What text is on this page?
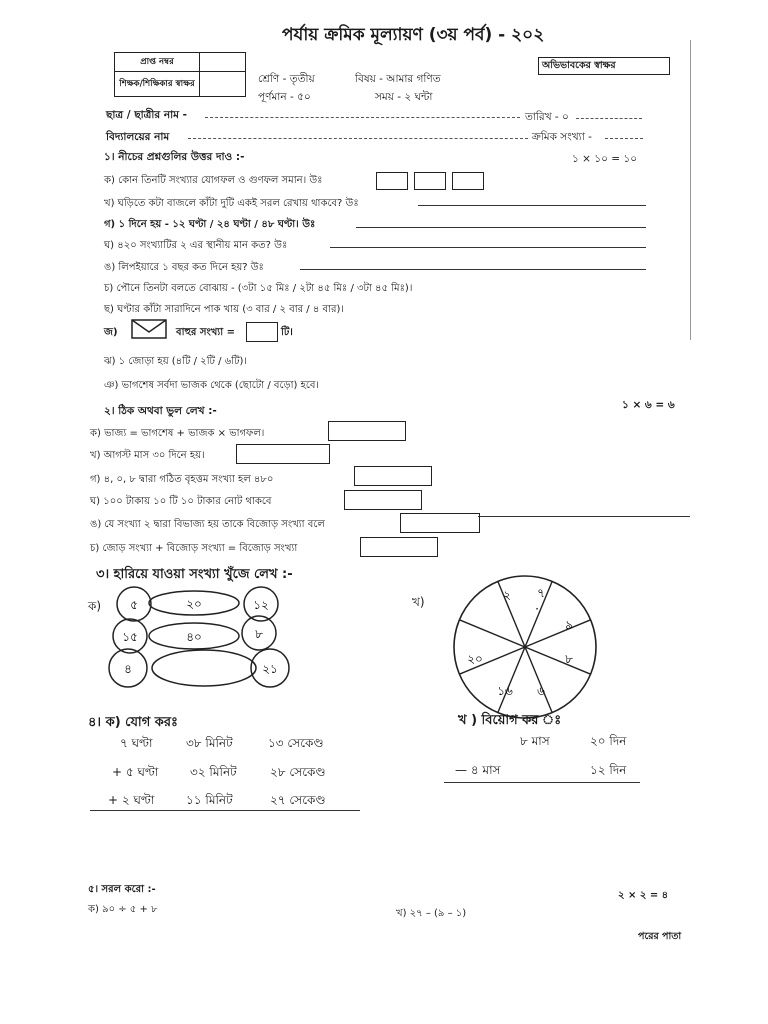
পর্যায় ক্রমিক মূল্যায়ণ (৩য় পর্ব) - ২০২
প্রাপ্ত নম্বর	
শিক্ষক/শিক্ষিকার স্বাক্ষর		শ্রেণি - তৃতীয়	বিষয় - আমার গণিত
পূর্ণমান - ৫০	সময় - ২ ঘন্টা
অভিভাবকের স্বাক্ষর
ছাত্র / ছাত্রীর নাম -	তারিখ - ০
বিদ্যালয়ের নাম	ক্রমিক সংখ্যা -
১। নীচের প্রশ্নগুলির উত্তর দাও :-	১ × ১০ = ১০
ক) কোন তিনটি সংখ্যার যোগফল ও গুণফল সমান। উঃ
খ) ঘড়িতে কটা বাজলে কাঁটা দুটি একই সরল রেখায় থাকবে? উঃ
গ) ১ দিনে হয় - ১২ ঘণ্টা / ২৪ ঘণ্টা / ৪৮ ঘণ্টা। উঃ
ঘ) ৪২০ সংখ্যাটির ২ এর স্থানীয় মান কত? উঃ
ঙ) লিপইয়ারে ১ বছর কত দিনে হয়? উঃ
চ) পৌনে তিনটা বলতে বোঝায় - (৩টা ১৫ মিঃ / ২টা ৪৫ মিঃ / ৩টা ৪৫ মিঃ)।
ছ) ঘণ্টার কাঁটা সারাদিনে পাক খায় (৩ বার / ২ বার / ৪ বার)।
জ)	বাহুর সংখ্যা =	টি।
ঝ) ১ জোড়া হয় (৪টি / ২টি / ৬টি)।
ঞ) ভাগশেষ সর্বদা ভাজক থেকে (ছোটো / বড়ো) হবে।
২। ঠিক অথবা ভুল লেখ :-	১ × ৬ = ৬
ক) ভাজ্য = ভাগশেষ + ভাজক × ভাগফল।
খ) আগস্ট মাস ৩০ দিনে হয়।
গ) ৪, ০, ৮ দ্বারা গঠিত বৃহত্তম সংখ্যা হল ৪৮০
ঘ) ১০০ টাকায় ১০ টি ১০ টাকার নোট থাকবে
ঙ) যে সংখ্যা ২ দ্বারা বিভাজ্য হয় তাকে বিজোড় সংখ্যা বলে
চ) জোড় সংখ্যা + বিজোড় সংখ্যা = বিজোড় সংখ্যা
৩। হারিয়ে যাওয়া সংখ্যা খুঁজে লেখ :-
ক)	খ)
৫	২০	১২
১৫	৪০	৮
৪	২১
২ ৭
৯
৮
৬
১৬
২০
·
৪। ক) যোগ করঃ	খ ) বিয়োগ কর ঃ
৭ ঘণ্টা	৩৮ মিনিট	১৩ সেকেণ্ড
+ ৫ ঘণ্টা	৩২ মিনিট	২৮ সেকেণ্ড
+ ২ ঘণ্টা	১১ মিনিট	২৭ সেকেণ্ড
৮ মাস	২০ দিন
— ৪ মাস	১২ দিন
৫। সরল করো :-
২ × ২ = ৪
ক) ৯০ ÷ ৫ + ৮	খ) ২৭ – (৯ – ১)
পরের পাতা
